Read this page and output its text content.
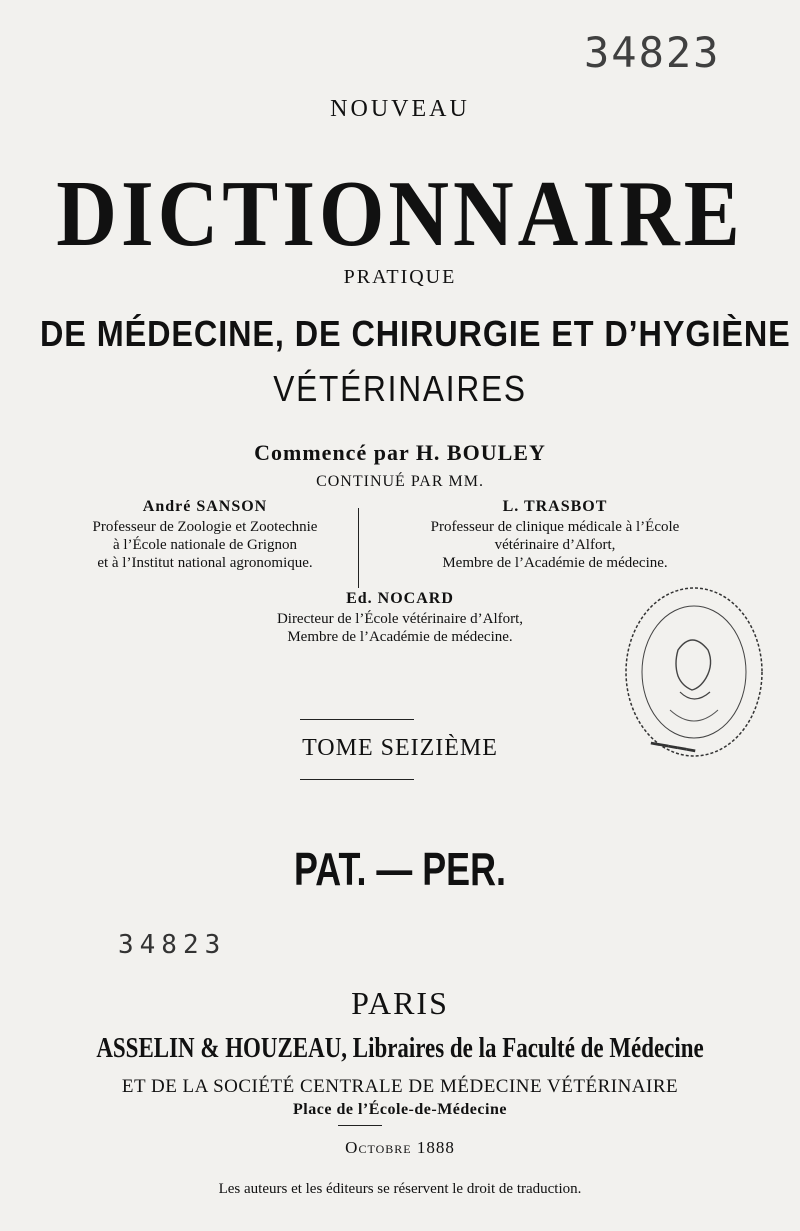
34823
NOUVEAU
DICTIONNAIRE
PRATIQUE
DE MÉDECINE, DE CHIRURGIE ET D’HYGIÈNE
VÉTÉRINAIRES
Commencé par H. BOULEY
CONTINUÉ PAR MM.
André SANSON
Professeur de Zoologie et Zootechnie
à l’École nationale de Grignon
et à l’Institut national agronomique.
L. TRASBOT
Professeur de clinique médicale à l’École
vétérinaire d’Alfort,
Membre de l’Académie de médecine.
Ed. NOCARD
Directeur de l’École vétérinaire d’Alfort,
Membre de l’Académie de médecine.
▬▬▬▬▬
TOME SEIZIÈME
PAT. — PER.
34823
PARIS
ASSELIN & HOUZEAU, Libraires de la Faculté de Médecine
ET DE LA SOCIÉTÉ CENTRALE DE MÉDECINE VÉTÉRINAIRE
Place de l’École-de-Médecine
Octobre 1888
Les auteurs et les éditeurs se réservent le droit de traduction.
